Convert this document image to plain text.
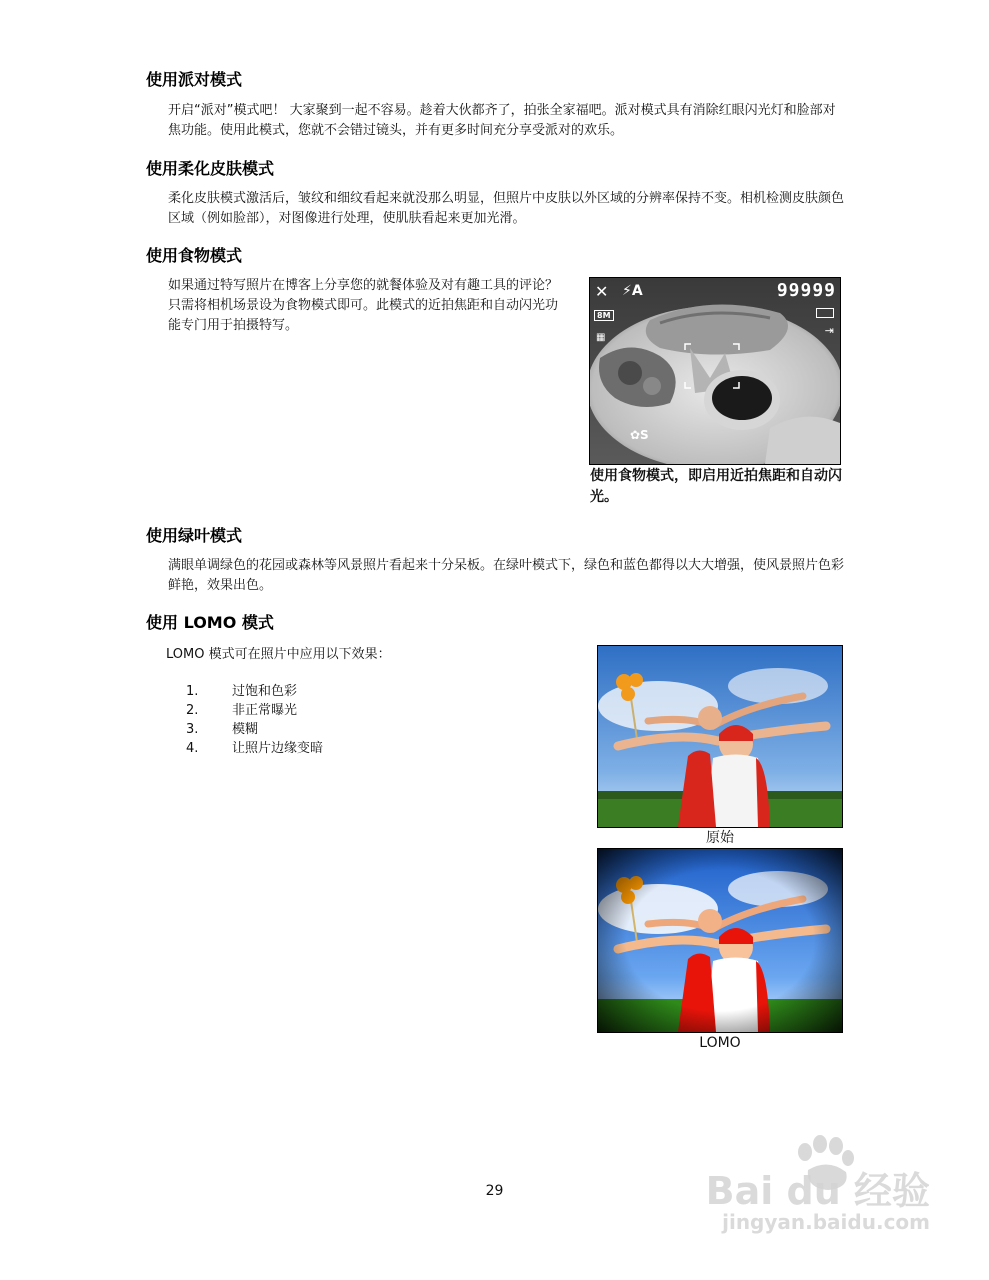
使用派对模式

开启“派对”模式吧！ 大家聚到一起不容易。趁着大伙都齐了，拍张全家福吧。派对模式具有消除红眼闪光灯和脸部对焦功能。使用此模式，您就不会错过镜头，并有更多时间充分享受派对的欢乐。

使用柔化皮肤模式

柔化皮肤模式激活后，皱纹和细纹看起来就没那么明显，但照片中皮肤以外区域的分辨率保持不变。相机检测皮肤颜色区域（例如脸部），对图像进行处理，使肌肤看起来更加光滑。

使用食物模式

如果通过特写照片在博客上分享您的就餐体验及对有趣工具的评论？ 只需将相机场景设为食物模式即可。此模式的近拍焦距和自动闪光功能专门用于拍摄特写。

✕ ⚡A	99999
8M
▦
⇥
✿S

使用食物模式，即启用近拍焦距和自动闪光。

使用绿叶模式

满眼单调绿色的花园或森林等风景照片看起来十分呆板。在绿叶模式下，绿色和蓝色都得以大大增强，使风景照片色彩鲜艳，效果出色。

使用 LOMO 模式

LOMO 模式可在照片中应用以下效果：

1.	过饱和色彩
2.	非正常曝光
3.	模糊
4.	让照片边缘变暗

原始

LOMO

29	Bai du 经验
jingyan.baidu.com
